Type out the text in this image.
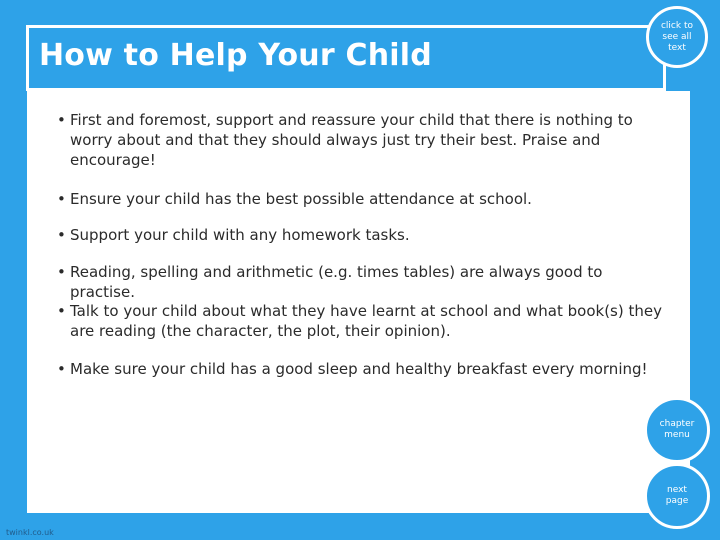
How to Help Your Child
• First and foremost, support and reassure your child that there is nothing to worry about and that they should always just try their best. Praise and encourage!
• Ensure your child has the best possible attendance at school.
• Support your child with any homework tasks.
• Reading, spelling and arithmetic (e.g. times tables) are always good to practise.
• Talk to your child about what they have learnt at school and what book(s) they are reading (the character, the plot, their opinion).
• Make sure your child has a good sleep and healthy breakfast every morning!
click to see all text
chapter menu
next page
twinkl.co.uk
